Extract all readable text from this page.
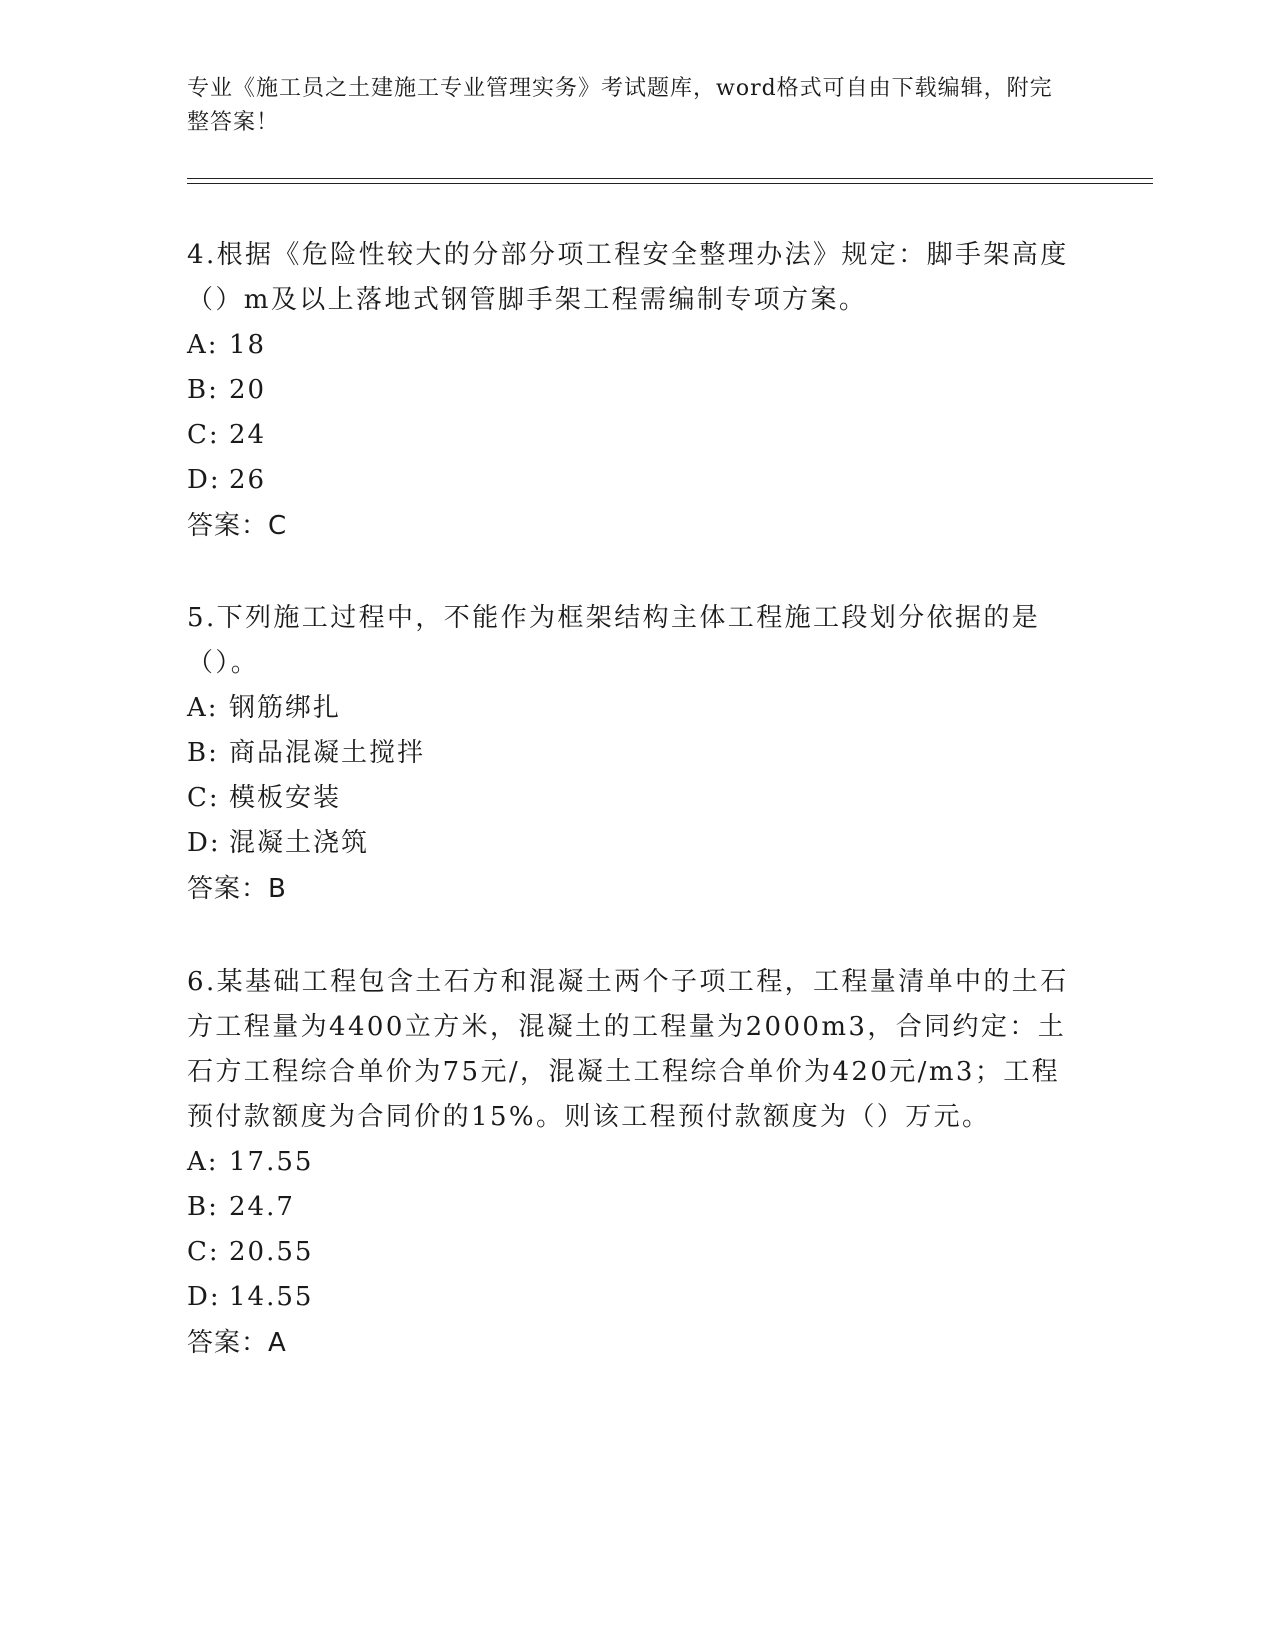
专业《施工员之土建施工专业管理实务》考试题库，word格式可自由下载编辑，附完整答案！

4.根据《危险性较大的分部分项工程安全整理办法》规定：脚手架高度（）m及以上落地式钢管脚手架工程需编制专项方案。

A: 18

B: 20

C: 24

D: 26

答案：C

5.下列施工过程中，不能作为框架结构主体工程施工段划分依据的是（）。

A: 钢筋绑扎

B: 商品混凝土搅拌

C: 模板安装

D: 混凝土浇筑

答案：B

6.某基础工程包含土石方和混凝土两个子项工程，工程量清单中的土石方工程量为4400立方米，混凝土的工程量为2000m3，合同约定：土石方工程综合单价为75元/，混凝土工程综合单价为420元/m3；工程预付款额度为合同价的15%。则该工程预付款额度为（）万元。

A: 17.55

B: 24.7

C: 20.55

D: 14.55

答案：A
